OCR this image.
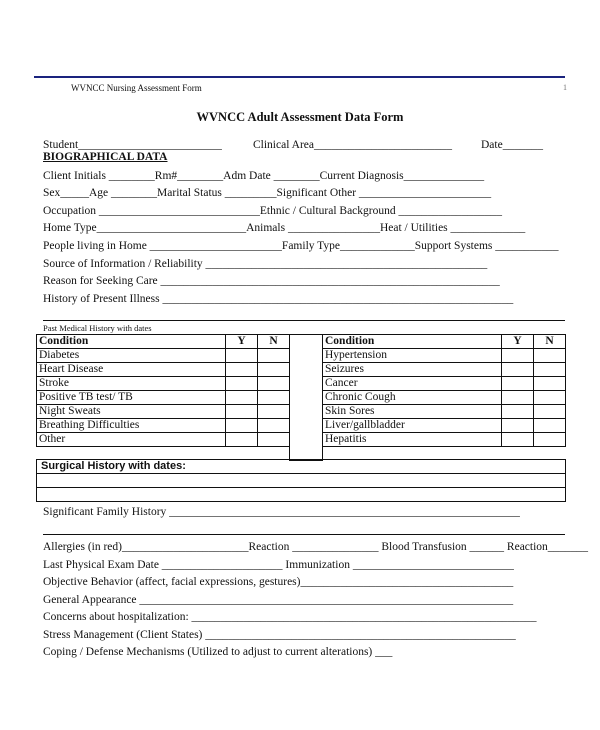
WVNCC Nursing Assessment Form	1
WVNCC Adult Assessment Data Form
Student_________________________	Clinical Area________________________	Date_______
BIOGRAPHICAL DATA
Client Initials ________Rm#________Adm Date ________Current Diagnosis______________
Sex_____Age ________Marital Status _________Significant Other _______________________
Occupation ____________________________Ethnic / Cultural Background __________________
Home Type__________________________Animals ________________Heat / Utilities _____________
People living in Home _______________________Family Type_____________Support Systems ___________
Source of Information / Reliability _________________________________________________
Reason for Seeking Care ___________________________________________________________
History of Present Illness _____________________________________________________________
Past Medical History with dates
Condition	Y	N
Diabetes		
Heart Disease		
Stroke		
Positive TB test/ TB		
Night Sweats		
Breathing Difficulties		
Other		
Condition	Y	N
Hypertension		
Seizures		
Cancer		
Chronic Cough		
Skin Sores		
Liver/gallbladder		
Hepatitis		
Surgical History with dates:

Significant Family History _____________________________________________________________
Allergies (in red)______________________Reaction _______________ Blood Transfusion ______ Reaction_______
Last Physical Exam Date _____________________ Immunization ____________________________
Objective Behavior (affect, facial expressions, gestures)_____________________________________
General Appearance _________________________________________________________________
Concerns about hospitalization: ____________________________________________________________
Stress Management (Client States) ______________________________________________________
Coping / Defense Mechanisms (Utilized to adjust to current alterations) ___
